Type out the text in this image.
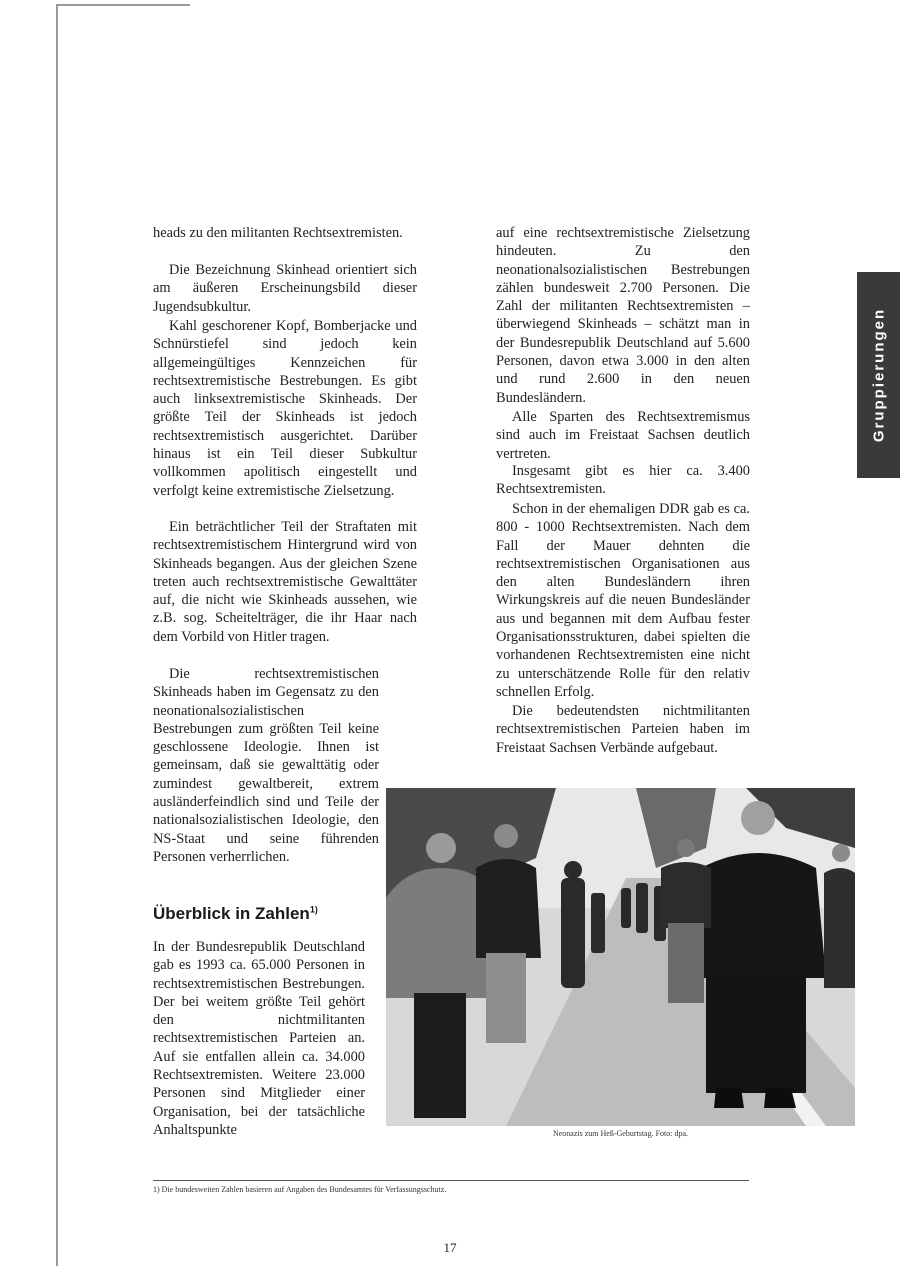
heads zu den militanten Rechtsextremisten.

Die Bezeichnung Skinhead orientiert sich am äußeren Erscheinungsbild dieser Jugendsubkultur.

Kahl geschorener Kopf, Bomberjacke und Schnürstiefel sind jedoch kein allgemeingültiges Kennzeichen für rechtsextremistische Bestrebungen. Es gibt auch linksextremistische Skinheads. Der größte Teil der Skinheads ist jedoch rechtsextremistisch ausgerichtet. Darüber hinaus ist ein Teil dieser Subkultur vollkommen apolitisch eingestellt und verfolgt keine extremistische Zielsetzung.

Ein beträchtlicher Teil der Straftaten mit rechtsextremistischem Hintergrund wird von Skinheads begangen. Aus der gleichen Szene treten auch rechtsextremistische Gewalttäter auf, die nicht wie Skinheads aussehen, wie z.B. sog. Scheitelträger, die ihr Haar nach dem Vorbild von Hitler tragen.

Die rechtsextremistischen Skinheads haben im Gegensatz zu den neonationalsozialistischen Bestrebungen zum größten Teil keine geschlossene Ideologie. Ihnen ist gemeinsam, daß sie gewalttätig oder zumindest gewaltbereit, extrem ausländerfeindlich sind und Teile der nationalsozialistischen Ideologie, den NS-Staat und seine führenden Personen verherrlichen.

Überblick in Zahlen$^{1)}$

In der Bundesrepublik Deutschland gab es 1993 ca. 65.000 Personen in rechtsextremistischen Bestrebungen. Der bei weitem größte Teil gehört den nichtmilitanten rechtsextremistischen Parteien an. Auf sie entfallen allein ca. 34.000 Rechtsextremisten. Weitere 23.000 Personen sind Mitglieder einer Organisation, bei der tatsächliche Anhaltspunkte

auf eine rechtsextremistische Zielsetzung hindeuten. Zu den neonationalsozialistischen Bestrebungen zählen bundesweit 2.700 Personen. Die Zahl der militanten Rechtsextremisten – überwiegend Skinheads – schätzt man in der Bundesrepublik Deutschland auf 5.600 Personen, davon etwa 3.000 in den alten und rund 2.600 in den neuen Bundesländern.

Alle Sparten des Rechtsextremismus sind auch im Freistaat Sachsen deutlich vertreten.

Insgesamt gibt es hier ca. 3.400 Rechtsextremisten.

Schon in der ehemaligen DDR gab es ca. 800 - 1000 Rechtsextremisten. Nach dem Fall der Mauer dehnten die rechtsextremistischen Organisationen aus den alten Bundesländern ihren Wirkungskreis auf die neuen Bundesländer aus und begannen mit dem Aufbau fester Organisationsstrukturen, dabei spielten die vorhandenen Rechtsextremisten eine nicht zu unterschätzende Rolle für den relativ schnellen Erfolg.

Die bedeutendsten nichtmilitanten rechtsextremistischen Parteien haben im Freistaat Sachsen Verbände aufgebaut.

Gruppierungen
Neonazis zum Heß-Geburtstag. Foto: dpa.
1) Die bundesweiten Zahlen basieren auf Angaben des Bundesamtes für Verfassungsschutz.
17
